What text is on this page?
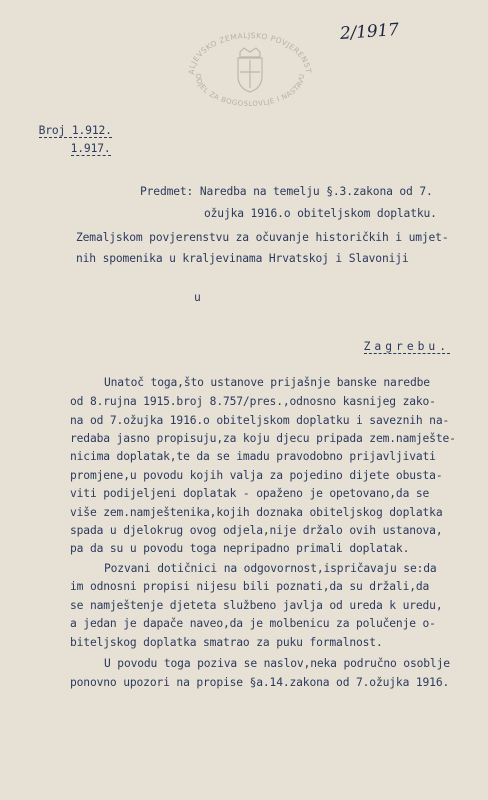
2/1917
ALJEVSKO ZEMALJSKO POVJERENST
ODJEL ZA BOGOSLOVLJE I NASTAVU

Broj 1.912.

1.917.

Predmet: Naredba na temelju §.3.zakona od 7.
ožujka 1916.o obiteljskom doplatku.
Zemaljskom povjerenstvu za očuvanje historičkih i umjet-
nih spomenika u kraljevinama Hrvatskoj i Slavoniji
u

Zagrebu.

Unatoč toga,što ustanove prijašnje banske naredbe
od 8.rujna 1915.broj 8.757/pres.,odnosno kasnijeg zako-
na od 7.ožujka 1916.o obiteljskom doplatku i saveznih na-
redaba jasno propisuju,za koju djecu pripada zem.namješte-
nicima doplatak,te da se imadu pravodobno prijavljivati
promjene,u povodu kojih valja za pojedino dijete obusta-
viti podijeljeni doplatak - opaženo je opetovano,da se
više zem.namještenika,kojih doznaka obiteljskog doplatka
spada u djelokrug ovog odjela,nije držalo ovih ustanova,
pa da su u povodu toga nepripadno primali doplatak.
Pozvani dotičnici na odgovornost,ispričavaju se:da
im odnosni propisi nijesu bili poznati,da su držali,da
se namještenje djeteta službeno javlja od ureda k uredu,
a jedan je dapače naveo,da je molbenicu za polučenje o-
biteljskog doplatka smatrao za puku formalnost.
U povodu toga poziva se naslov,neka područno osoblje
ponovno upozori na propise §a.14.zakona od 7.ožujka 1916.
